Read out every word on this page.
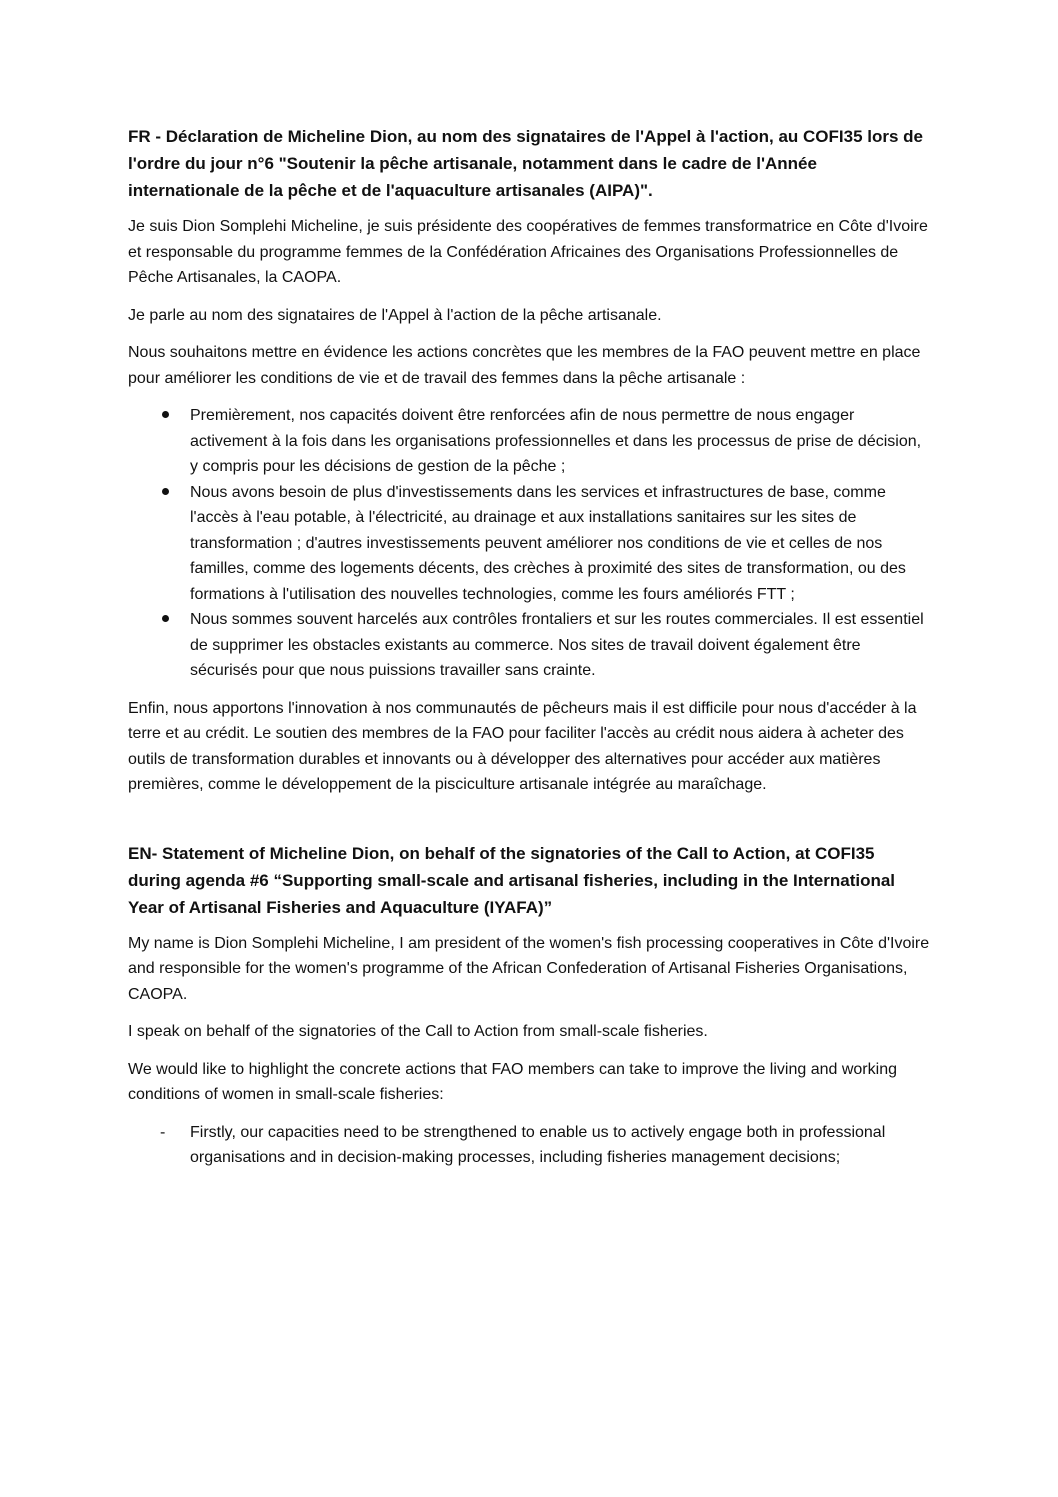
FR - Déclaration de Micheline Dion, au nom des signataires de l'Appel à l'action, au COFI35 lors de l'ordre du jour n°6 "Soutenir la pêche artisanale, notamment dans le cadre de l'Année internationale de la pêche et de l'aquaculture artisanales (AIPA)".

Je suis Dion Somplehi Micheline, je suis présidente des coopératives de femmes transformatrice en Côte d'Ivoire et responsable du programme femmes de la Confédération Africaines des Organisations Professionnelles de Pêche Artisanales, la CAOPA.

Je parle au nom des signataires de l'Appel à l'action de la pêche artisanale.

Nous souhaitons mettre en évidence les actions concrètes que les membres de la FAO peuvent mettre en place pour améliorer les conditions de vie et de travail des femmes dans la pêche artisanale :

Premièrement, nos capacités doivent être renforcées afin de nous permettre de nous engager activement à la fois dans les organisations professionnelles et dans les processus de prise de décision, y compris pour les décisions de gestion de la pêche ;
Nous avons besoin de plus d'investissements dans les services et infrastructures de base, comme l'accès à l'eau potable, à l'électricité, au drainage et aux installations sanitaires sur les sites de transformation ; d'autres investissements peuvent améliorer nos conditions de vie et celles de nos familles, comme des logements décents, des crèches à proximité des sites de transformation, ou des formations à l'utilisation des nouvelles technologies, comme les fours améliorés FTT ;
Nous sommes souvent harcelés aux contrôles frontaliers et sur les routes commerciales. Il est essentiel de supprimer les obstacles existants au commerce. Nos sites de travail doivent également être sécurisés pour que nous puissions travailler sans crainte.

Enfin, nous apportons l'innovation à nos communautés de pêcheurs mais il est difficile pour nous d'accéder à la terre et au crédit. Le soutien des membres de la FAO pour faciliter l'accès au crédit nous aidera à acheter des outils de transformation durables et innovants ou à développer des alternatives pour accéder aux matières premières, comme le développement de la pisciculture artisanale intégrée au maraîchage.

EN- Statement of Micheline Dion, on behalf of the signatories of the Call to Action, at COFI35 during agenda #6 “Supporting small-scale and artisanal fisheries, including in the International Year of Artisanal Fisheries and Aquaculture (IYAFA)”

My name is Dion Somplehi Micheline, I am president of the women's fish processing cooperatives in Côte d'Ivoire and responsible for the women's programme of the African Confederation of Artisanal Fisheries Organisations, CAOPA.

I speak on behalf of the signatories of the Call to Action from small-scale fisheries.

We would like to highlight the concrete actions that FAO members can take to improve the living and working conditions of women in small-scale fisheries:

- Firstly, our capacities need to be strengthened to enable us to actively engage both in professional organisations and in decision-making processes, including fisheries management decisions;
